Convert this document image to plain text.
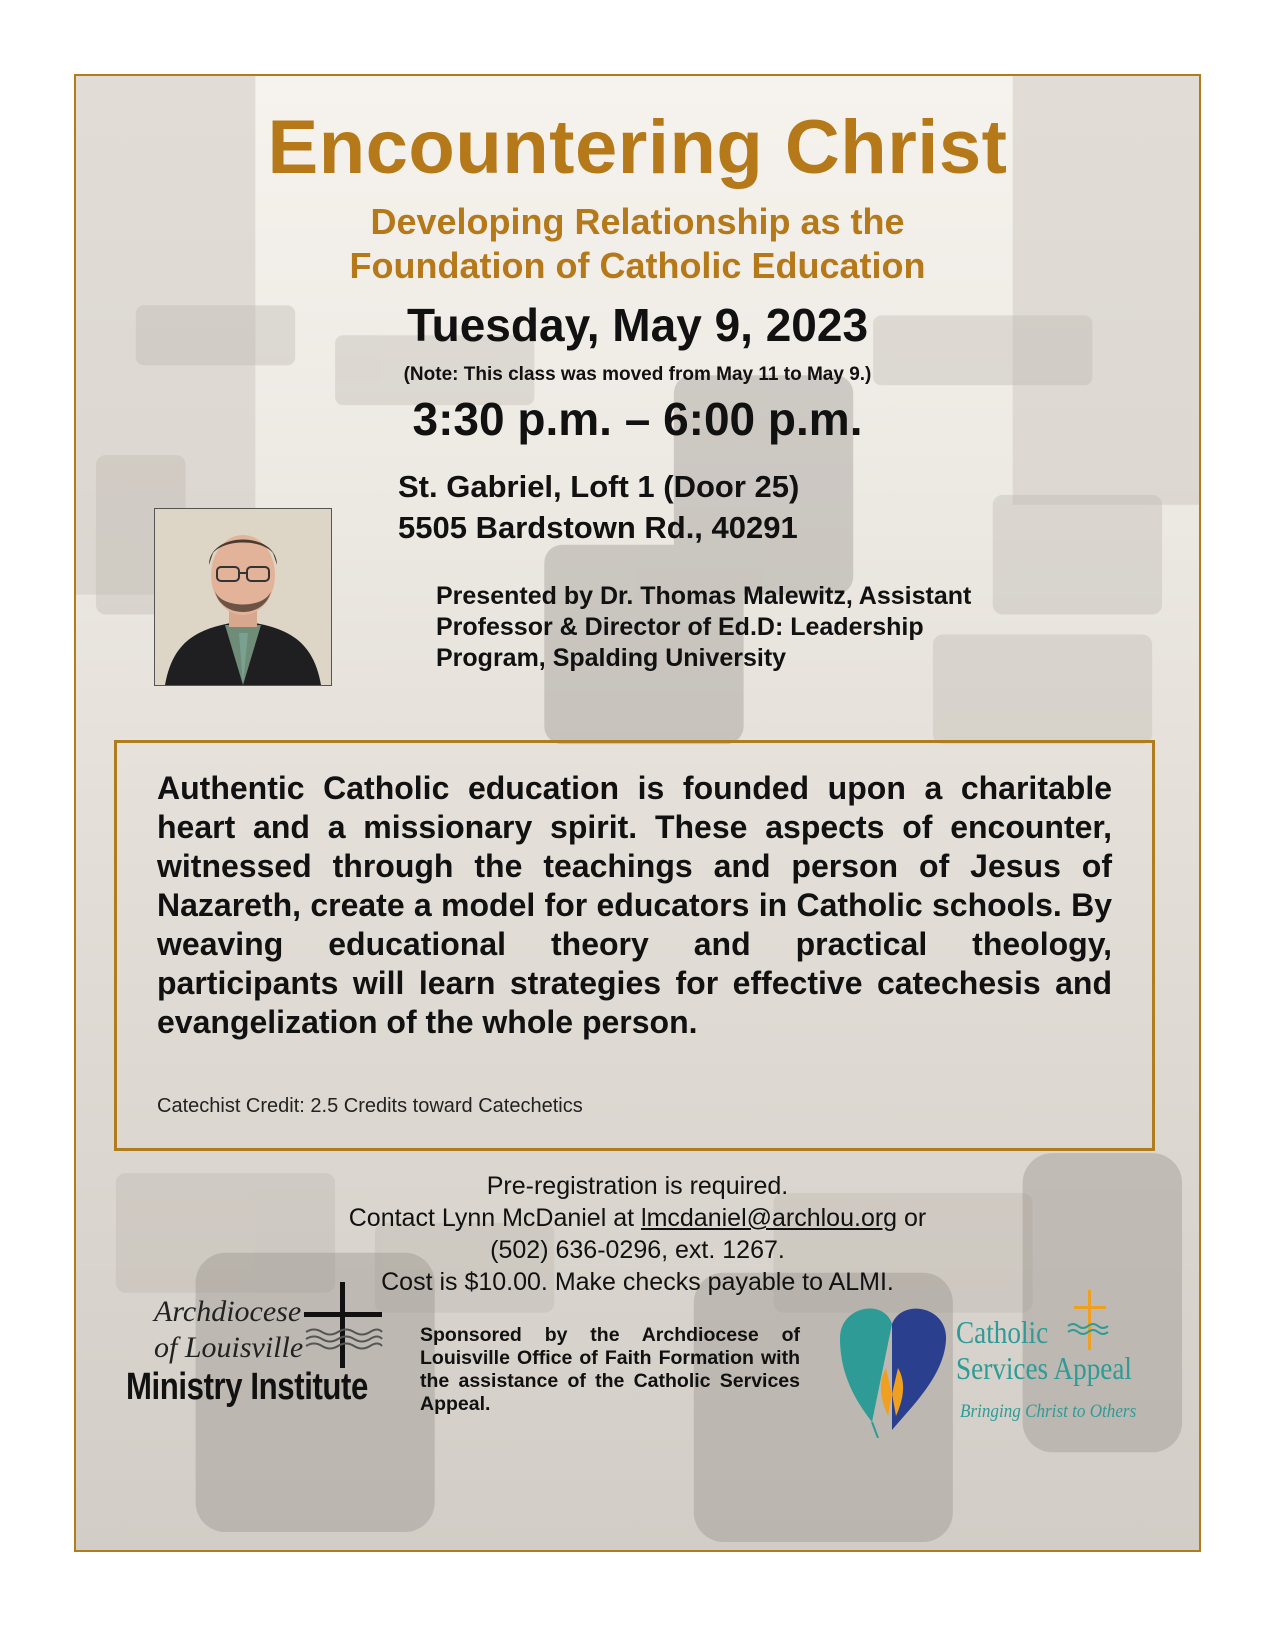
Encountering Christ
Developing Relationship as the
Foundation of Catholic Education
Tuesday, May 9, 2023
(Note: This class was moved from May 11 to May 9.)
3:30 p.m. – 6:00 p.m.
St. Gabriel, Loft 1 (Door 25)
5505 Bardstown Rd., 40291
Presented by Dr. Thomas Malewitz, Assistant
Professor & Director of Ed.D: Leadership
Program, Spalding University
Authentic Catholic education is founded upon a charitable heart and a missionary spirit. These aspects of encounter, witnessed through the teachings and person of Jesus of Nazareth, create a model for educators in Catholic schools. By weaving educational theory and practical theology, participants will learn strategies for effective catechesis and evangelization of the whole person.
Catechist Credit: 2.5 Credits toward Catechetics
Pre-registration is required.
Contact Lynn McDaniel at lmcdaniel@archlou.org or
(502) 636-0296, ext. 1267.
Cost is $10.00. Make checks payable to ALMI.
Archdiocese
of Louisville
Ministry Institute
Sponsored by the Archdiocese of Louisville Office of Faith Formation with the assistance of the Catholic Services Appeal.
Catholic
Services Appeal
Bringing Christ to Others
